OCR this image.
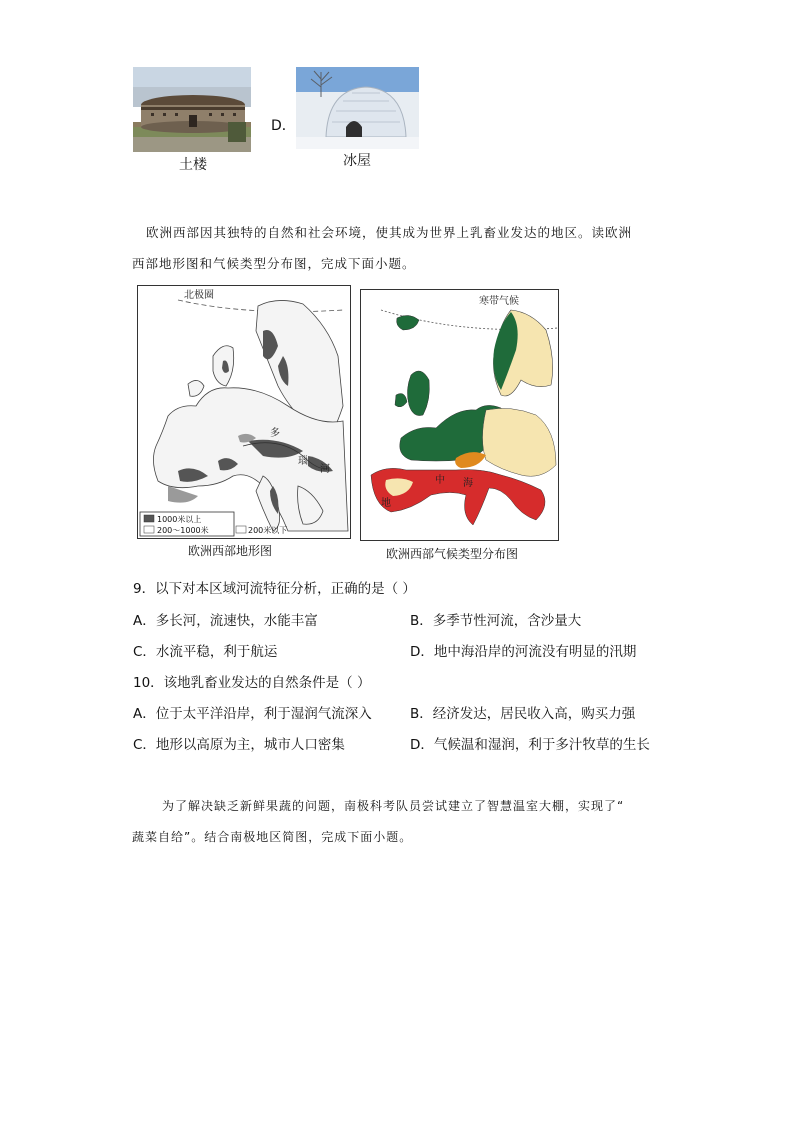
土楼
D．
冰屋
欧洲西部因其独特的自然和社会环境，使其成为世界上乳畜业发达的地区。读欧洲
西部地形图和气候类型分布图，完成下面小题。
北极圈
多
瑙
河
1000米以上
200～1000米	200米以下
欧洲西部地形图
寒带气候
地
中 海
欧洲西部气候类型分布图
9．以下对本区域河流特征分析，正确的是（ ）
A．多长河，流速快，水能丰富	B．多季节性河流，含沙量大
C．水流平稳，利于航运	D．地中海沿岸的河流没有明显的汛期
10．该地乳畜业发达的自然条件是（ ）
A．位于太平洋沿岸，利于湿润气流深入	B．经济发达，居民收入高，购买力强
C．地形以高原为主，城市人口密集	D．气候温和湿润，利于多汁牧草的生长
为了解决缺乏新鲜果蔬的问题，南极科考队员尝试建立了智慧温室大棚，实现了“
蔬菜自给”。结合南极地区简图，完成下面小题。
